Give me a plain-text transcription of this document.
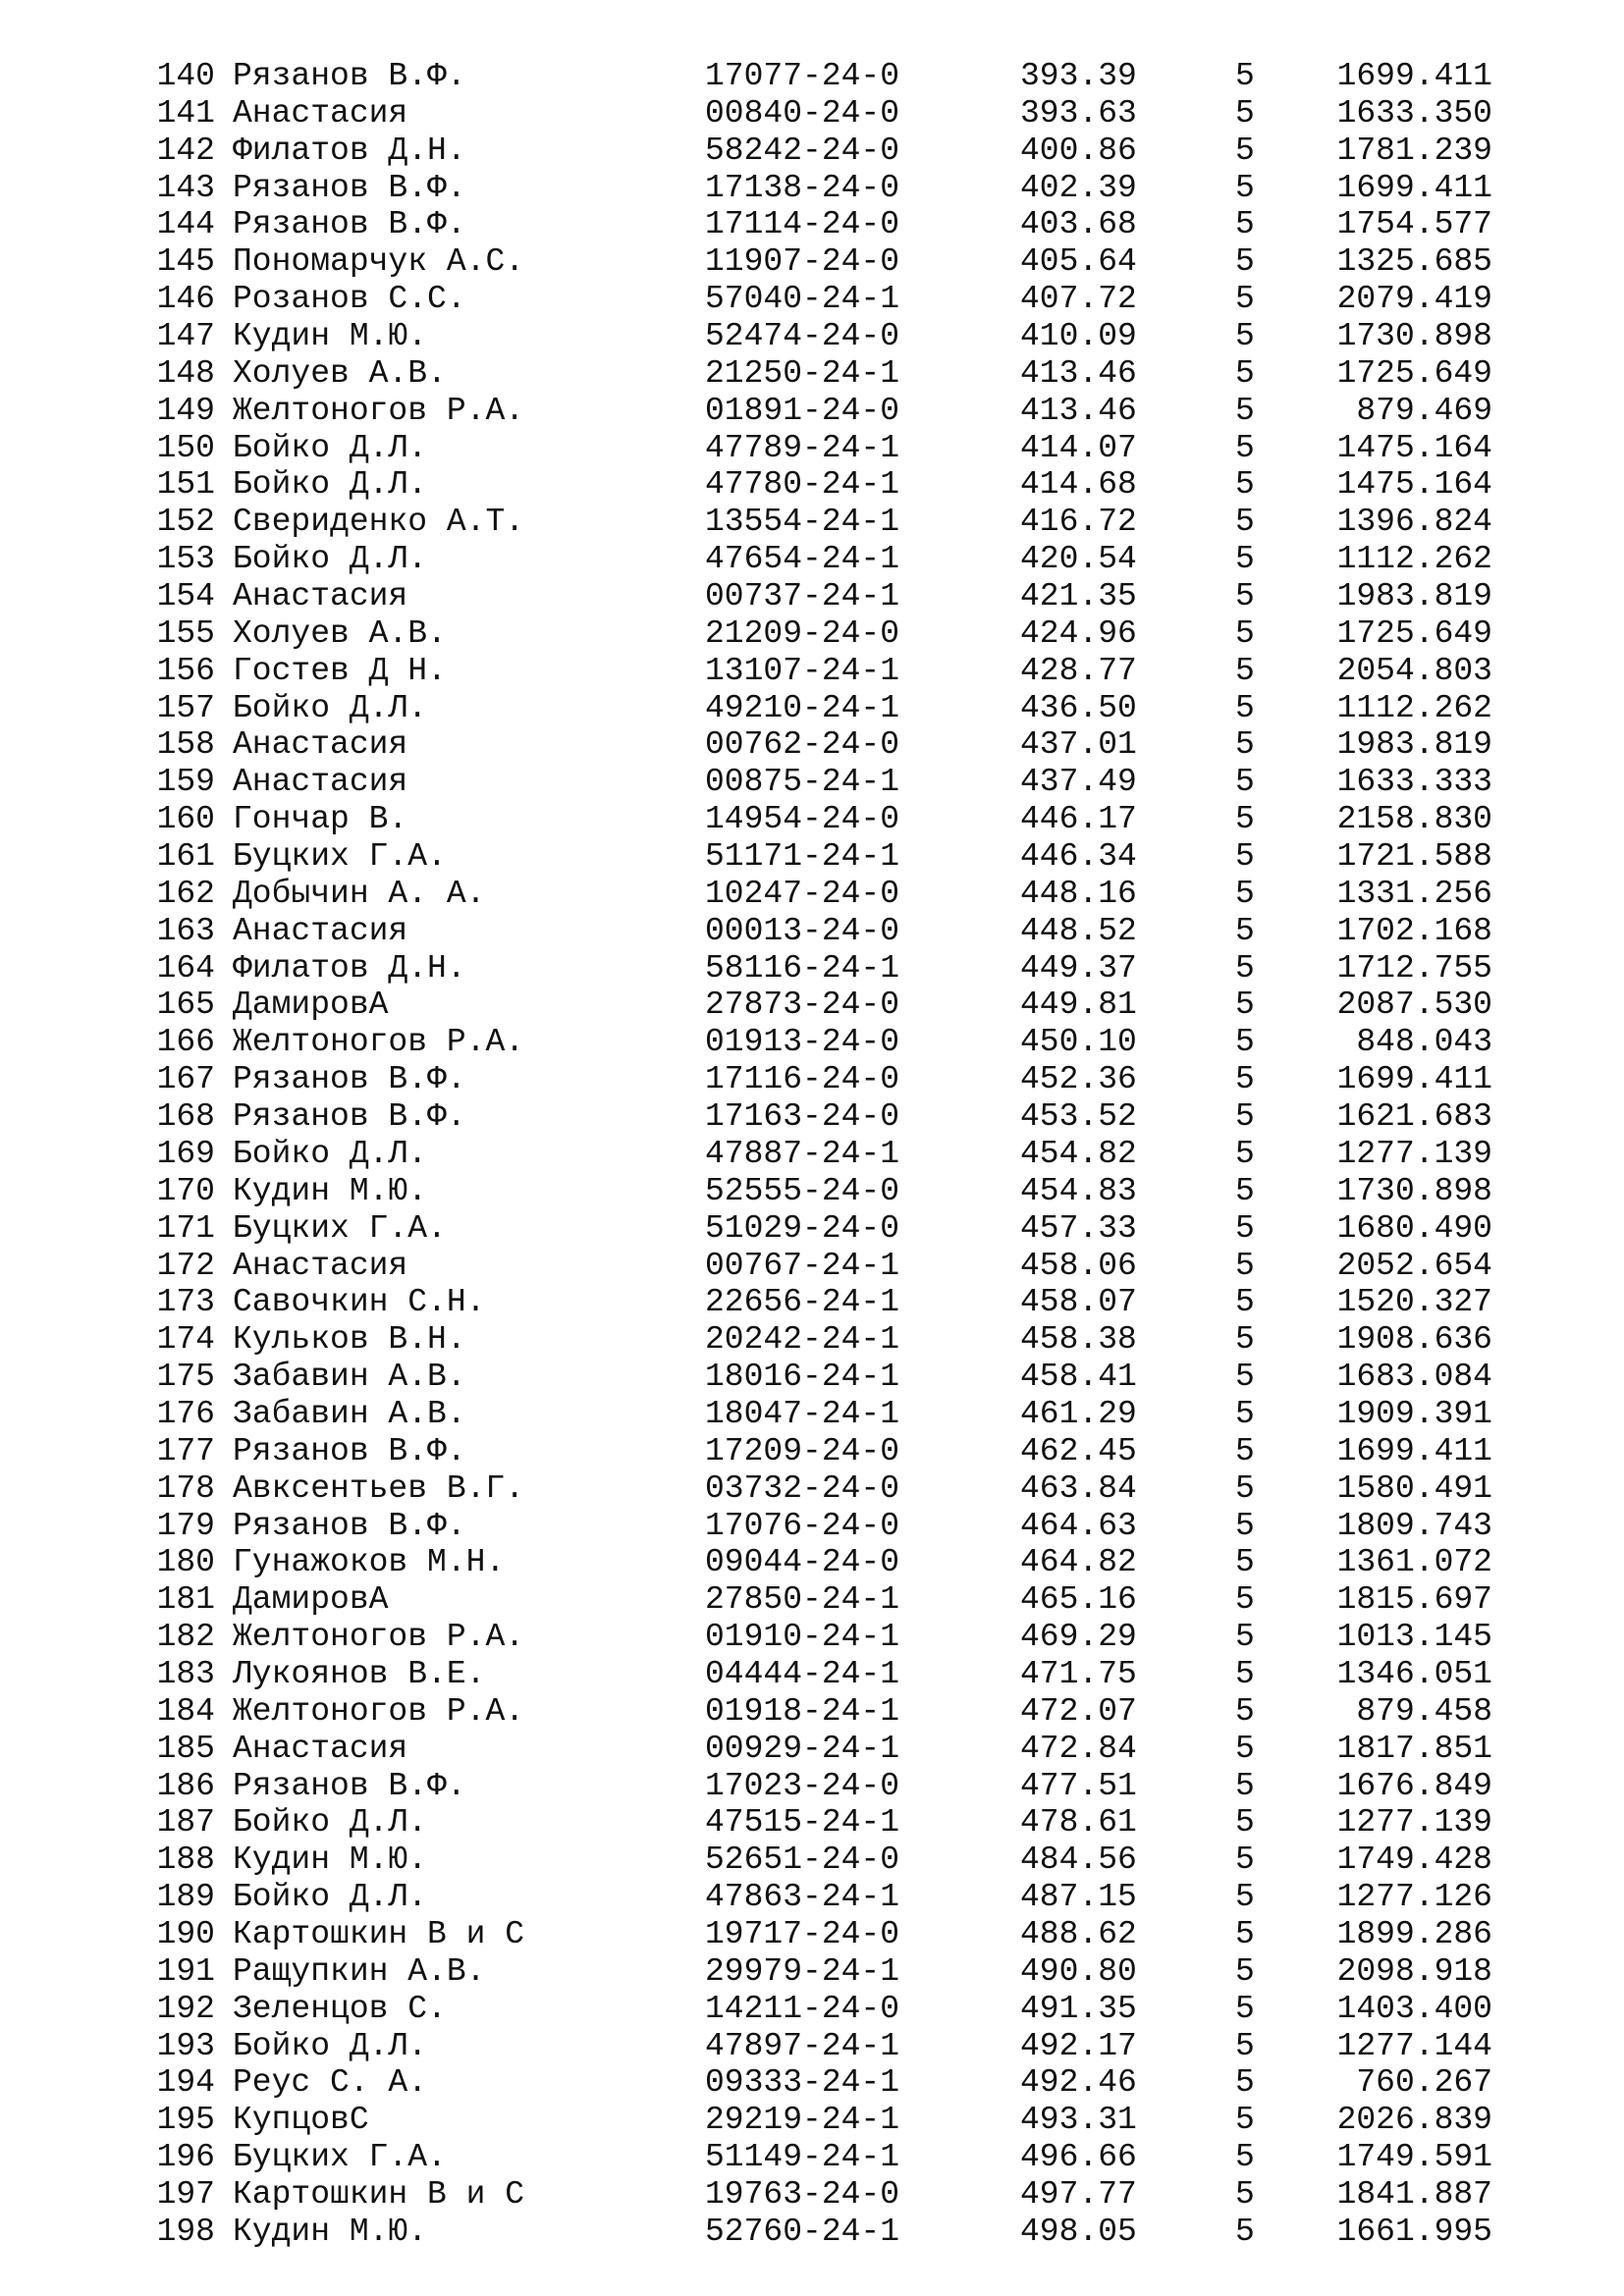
140 Рязанов В.Ф.	17077-24-0	393.39	5	1699.411
141 Анастасия	00840-24-0	393.63	5	1633.350
142 Филатов Д.Н.	58242-24-0	400.86	5	1781.239
143 Рязанов В.Ф.	17138-24-0	402.39	5	1699.411
144 Рязанов В.Ф.	17114-24-0	403.68	5	1754.577
145 Пономарчук А.С.	11907-24-0	405.64	5	1325.685
146 Розанов С.С.	57040-24-1	407.72	5	2079.419
147 Кудин М.Ю.	52474-24-0	410.09	5	1730.898
148 Холуев А.В.	21250-24-1	413.46	5	1725.649
149 Желтоногов Р.А.	01891-24-0	413.46	5	879.469
150 Бойко Д.Л.	47789-24-1	414.07	5	1475.164
151 Бойко Д.Л.	47780-24-1	414.68	5	1475.164
152 Свериденко А.Т.	13554-24-1	416.72	5	1396.824
153 Бойко Д.Л.	47654-24-1	420.54	5	1112.262
154 Анастасия	00737-24-1	421.35	5	1983.819
155 Холуев А.В.	21209-24-0	424.96	5	1725.649
156 Гостев Д Н.	13107-24-1	428.77	5	2054.803
157 Бойко Д.Л.	49210-24-1	436.50	5	1112.262
158 Анастасия	00762-24-0	437.01	5	1983.819
159 Анастасия	00875-24-1	437.49	5	1633.333
160 Гончар В.	14954-24-0	446.17	5	2158.830
161 Буцких Г.А.	51171-24-1	446.34	5	1721.588
162 Добычин А. А.	10247-24-0	448.16	5	1331.256
163 Анастасия	00013-24-0	448.52	5	1702.168
164 Филатов Д.Н.	58116-24-1	449.37	5	1712.755
165 ДамировА	27873-24-0	449.81	5	2087.530
166 Желтоногов Р.А.	01913-24-0	450.10	5	848.043
167 Рязанов В.Ф.	17116-24-0	452.36	5	1699.411
168 Рязанов В.Ф.	17163-24-0	453.52	5	1621.683
169 Бойко Д.Л.	47887-24-1	454.82	5	1277.139
170 Кудин М.Ю.	52555-24-0	454.83	5	1730.898
171 Буцких Г.А.	51029-24-0	457.33	5	1680.490
172 Анастасия	00767-24-1	458.06	5	2052.654
173 Савочкин С.Н.	22656-24-1	458.07	5	1520.327
174 Кульков В.Н.	20242-24-1	458.38	5	1908.636
175 Забавин А.В.	18016-24-1	458.41	5	1683.084
176 Забавин А.В.	18047-24-1	461.29	5	1909.391
177 Рязанов В.Ф.	17209-24-0	462.45	5	1699.411
178 Авксентьев В.Г.	03732-24-0	463.84	5	1580.491
179 Рязанов В.Ф.	17076-24-0	464.63	5	1809.743
180 Гунажоков М.Н.	09044-24-0	464.82	5	1361.072
181 ДамировА	27850-24-1	465.16	5	1815.697
182 Желтоногов Р.А.	01910-24-1	469.29	5	1013.145
183 Лукоянов В.Е.	04444-24-1	471.75	5	1346.051
184 Желтоногов Р.А.	01918-24-1	472.07	5	879.458
185 Анастасия	00929-24-1	472.84	5	1817.851
186 Рязанов В.Ф.	17023-24-0	477.51	5	1676.849
187 Бойко Д.Л.	47515-24-1	478.61	5	1277.139
188 Кудин М.Ю.	52651-24-0	484.56	5	1749.428
189 Бойко Д.Л.	47863-24-1	487.15	5	1277.126
190 Картошкин В и С	19717-24-0	488.62	5	1899.286
191 Ращупкин А.В.	29979-24-1	490.80	5	2098.918
192 Зеленцов С.	14211-24-0	491.35	5	1403.400
193 Бойко Д.Л.	47897-24-1	492.17	5	1277.144
194 Реус С. А.	09333-24-1	492.46	5	760.267
195 КупцовС	29219-24-1	493.31	5	2026.839
196 Буцких Г.А.	51149-24-1	496.66	5	1749.591
197 Картошкин В и С	19763-24-0	497.77	5	1841.887
198 Кудин М.Ю.	52760-24-1	498.05	5	1661.995
